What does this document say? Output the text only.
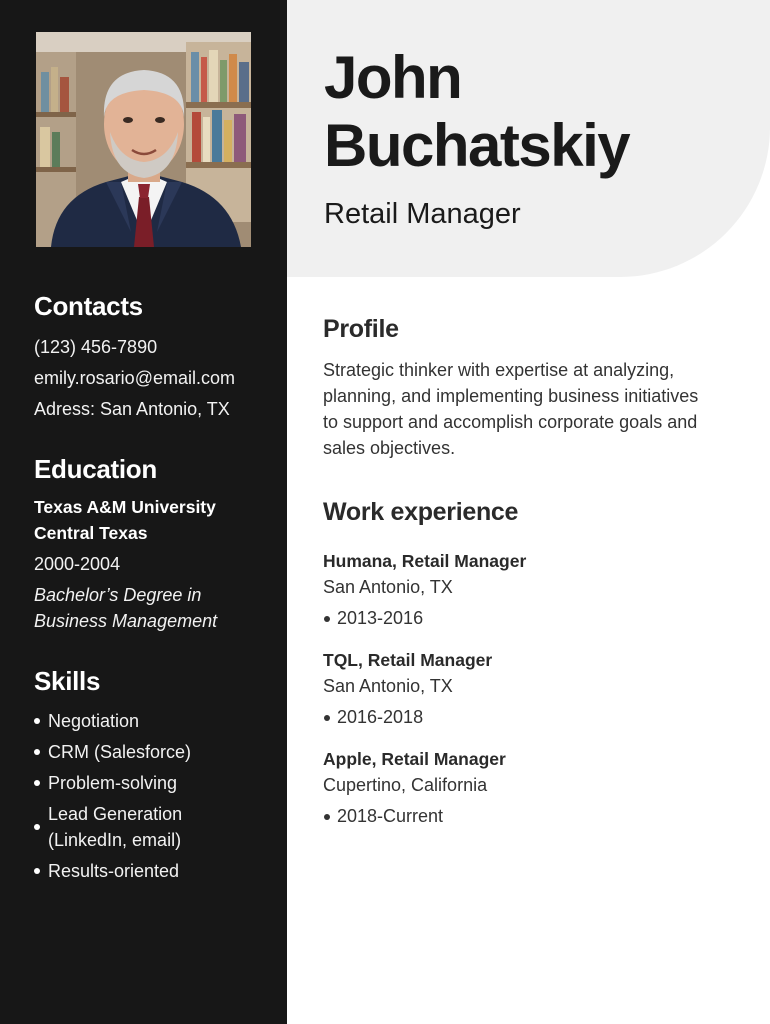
Contacts
(123) 456-7890
emily.rosario@email.com
Adress: San Antonio, TX
Education
Texas A&M University
Central Texas
2000-2004
Bachelor’s Degree in
Business Management
Skills
Negotiation
CRM (Salesforce)
Problem-solving
Lead Generation
(LinkedIn, email)
Results-oriented
John
Buchatskiy
Retail Manager
Profile
Strategic thinker with expertise at analyzing,
planning, and implementing business initiatives
to support and accomplish corporate goals and
sales objectives.
Work experience
Humana, Retail Manager
San Antonio, TX
2013-2016
TQL, Retail Manager
San Antonio, TX
2016-2018
Apple, Retail Manager
Cupertino, California
2018-Current
